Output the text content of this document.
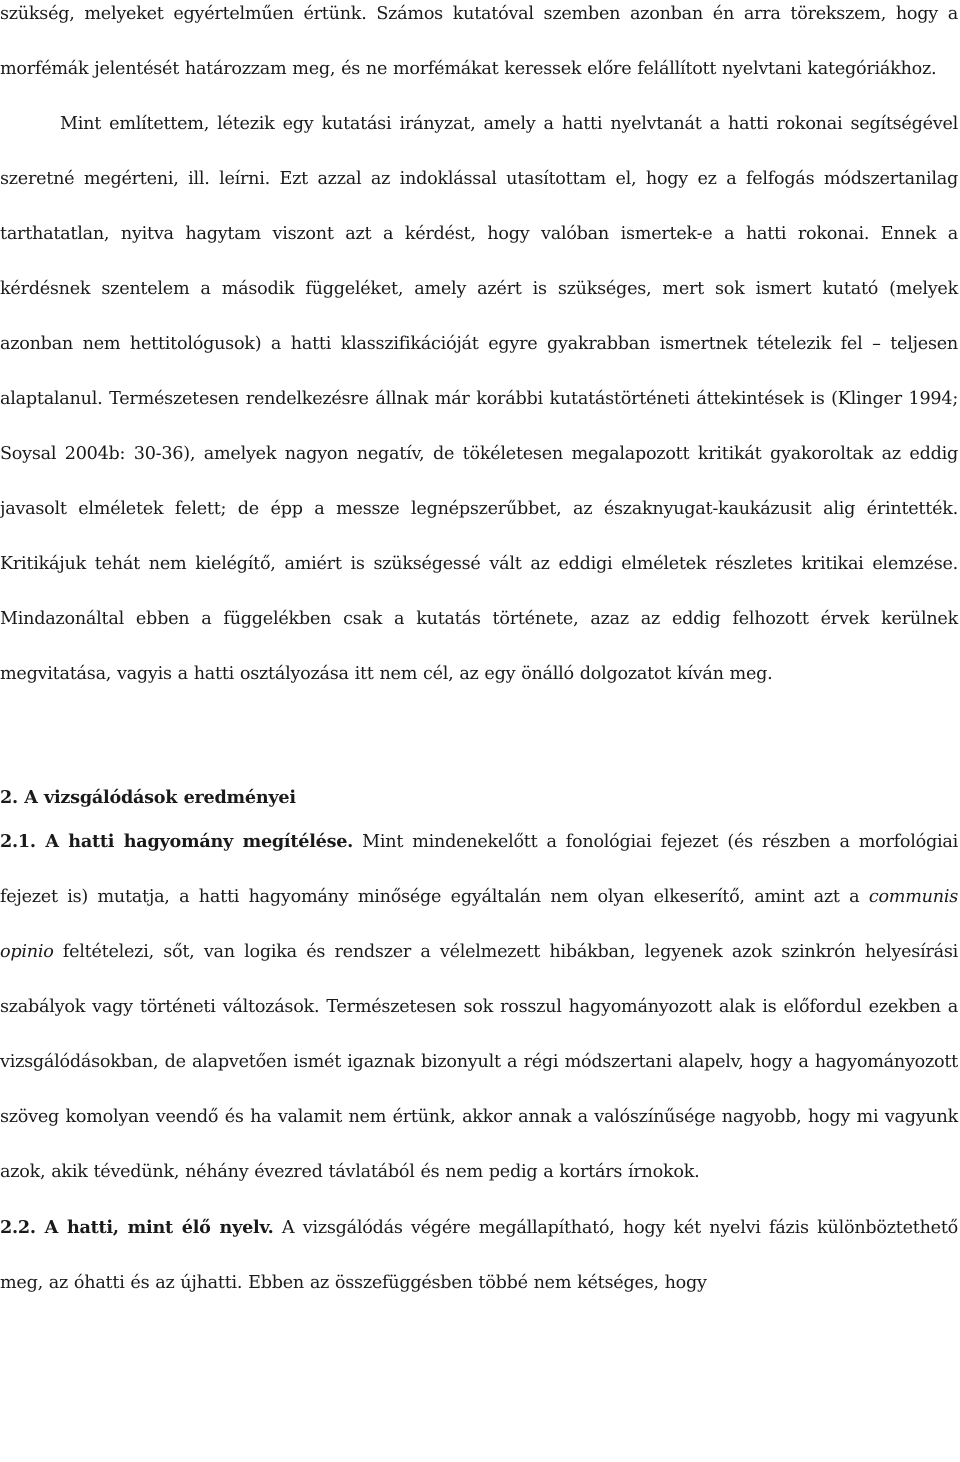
szükség, melyeket egyértelműen értünk. Számos kutatóval szemben azonban én arra törekszem, hogy a morfémák jelentését határozzam meg, és ne morfémákat keressek előre felállított nyelvtani kategóriákhoz.

Mint említettem, létezik egy kutatási irányzat, amely a hatti nyelvtanát a hatti rokonai segítségével szeretné megérteni, ill. leírni. Ezt azzal az indoklással utasítottam el, hogy ez a felfogás módszertanilag tarthatatlan, nyitva hagytam viszont azt a kérdést, hogy valóban ismertek-e a hatti rokonai. Ennek a kérdésnek szentelem a második függeléket, amely azért is szükséges, mert sok ismert kutató (melyek azonban nem hettitológusok) a hatti klasszifikációját egyre gyakrabban ismertnek tételezik fel – teljesen alaptalanul. Természetesen rendelkezésre állnak már korábbi kutatástörténeti áttekintések is (Klinger 1994; Soysal 2004b: 30-36), amelyek nagyon negatív, de tökéletesen megalapozott kritikát gyakoroltak az eddig javasolt elméletek felett; de épp a messze legnépszerűbbet, az északnyugat-kaukázusit alig érintették. Kritikájuk tehát nem kielégítő, amiért is szükségessé vált az eddigi elméletek részletes kritikai elemzése. Mindazonáltal ebben a függelékben csak a kutatás története, azaz az eddig felhozott érvek kerülnek megvitatása, vagyis a hatti osztályozása itt nem cél, az egy önálló dolgozatot kíván meg.

2. A vizsgálódások eredményei

2.1. A hatti hagyomány megítélése. Mint mindenekelőtt a fonológiai fejezet (és részben a morfológiai fejezet is) mutatja, a hatti hagyomány minősége egyáltalán nem olyan elkeserítő, amint azt a communis opinio feltételezi, sőt, van logika és rendszer a vélelmezett hibákban, legyenek azok szinkrón helyesírási szabályok vagy történeti változások. Természetesen sok rosszul hagyományozott alak is előfordul ezekben a vizsgálódásokban, de alapvetően ismét igaznak bizonyult a régi módszertani alapelv, hogy a hagyományozott szöveg komolyan veendő és ha valamit nem értünk, akkor annak a valószínűsége nagyobb, hogy mi vagyunk azok, akik tévedünk, néhány évezred távlatából és nem pedig a kortárs írnokok.

2.2. A hatti, mint élő nyelv. A vizsgálódás végére megállapítható, hogy két nyelvi fázis különböztethető meg, az óhatti és az újhatti. Ebben az összefüggésben többé nem kétséges, hogy
